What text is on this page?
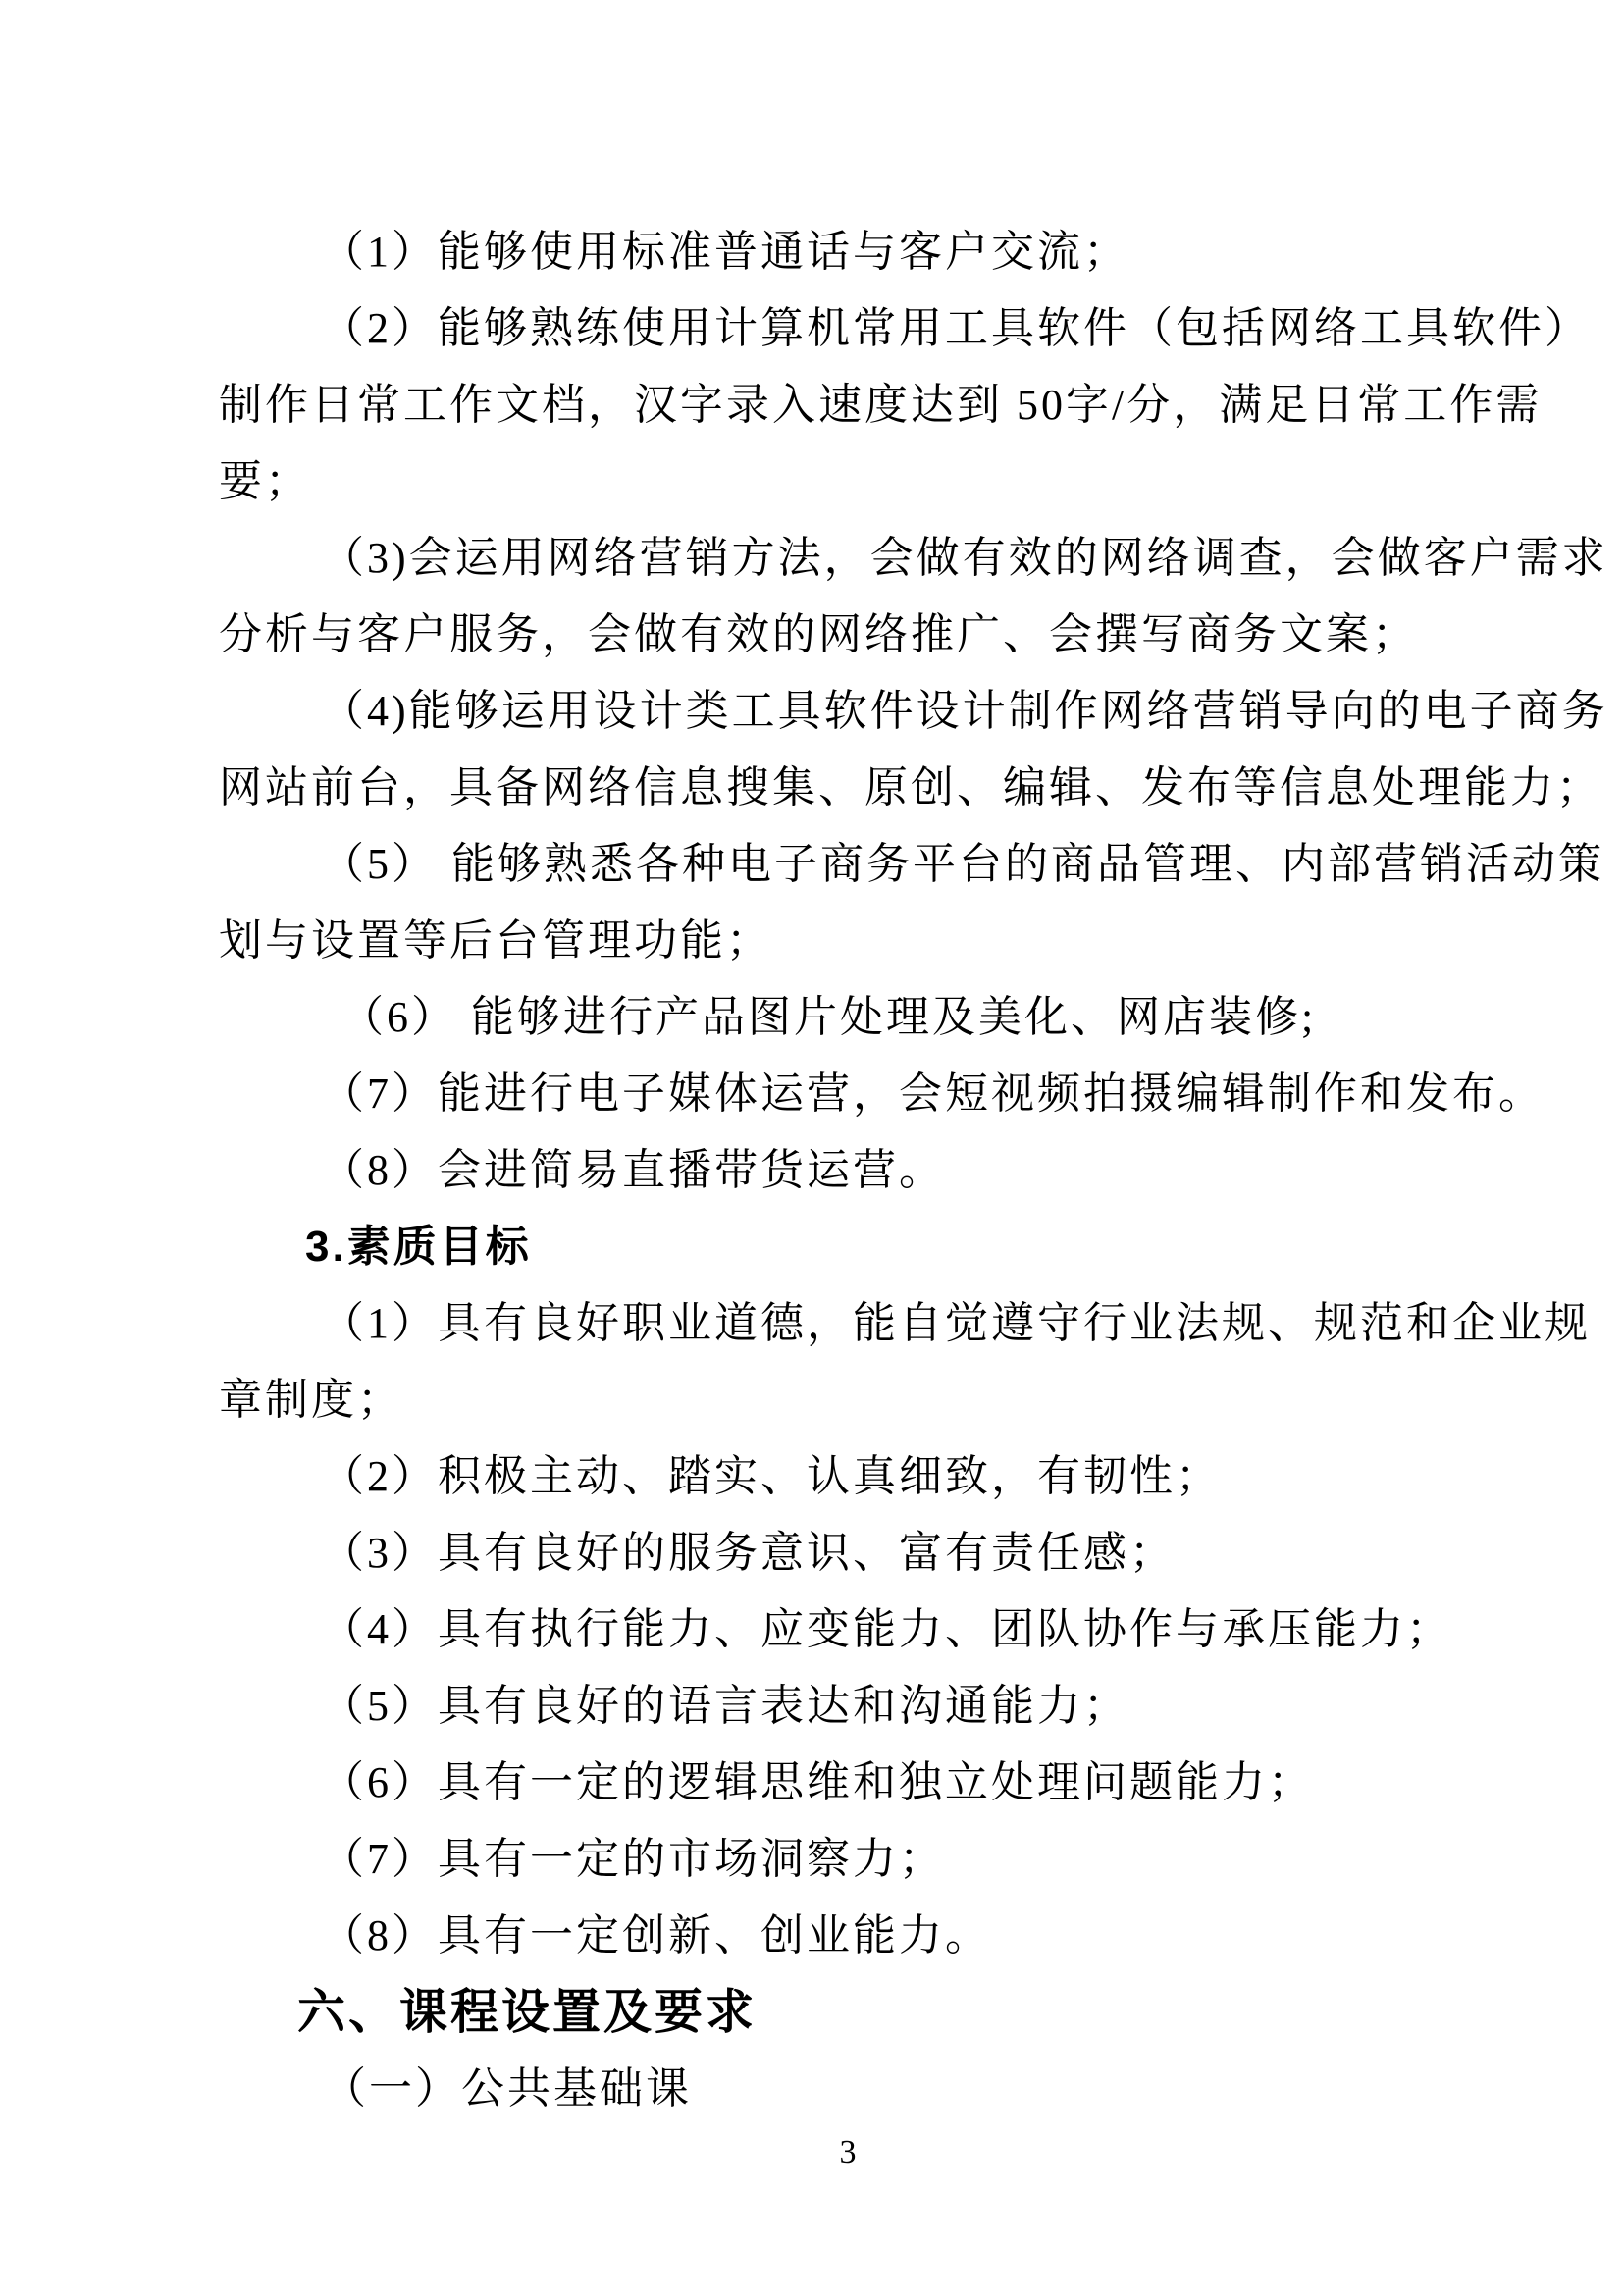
（1）能够使用标准普通话与客户交流；
（2）能够熟练使用计算机常用工具软件（包括网络工具软件）
制作日常工作文档，汉字录入速度达到 50字/分，满足日常工作需
要；
（3)会运用网络营销方法，会做有效的网络调查，会做客户需求
分析与客户服务，会做有效的网络推广、会撰写商务文案；
（4)能够运用设计类工具软件设计制作网络营销导向的电子商务
网站前台，具备网络信息搜集、原创、编辑、发布等信息处理能力；
（5） 能够熟悉各种电子商务平台的商品管理、内部营销活动策
划与设置等后台管理功能；
（6） 能够进行产品图片处理及美化、网店装修;
（7）能进行电子媒体运营，会短视频拍摄编辑制作和发布。
（8）会进简易直播带货运营。
3.素质目标
（1）具有良好职业道德，能自觉遵守行业法规、规范和企业规
章制度；
（2）积极主动、踏实、认真细致，有韧性；
（3）具有良好的服务意识、富有责任感；
（4）具有执行能力、应变能力、团队协作与承压能力；
（5）具有良好的语言表达和沟通能力；
（6）具有一定的逻辑思维和独立处理问题能力；
（7）具有一定的市场洞察力；
（8）具有一定创新、创业能力。
六、课程设置及要求
（一）公共基础课
3
